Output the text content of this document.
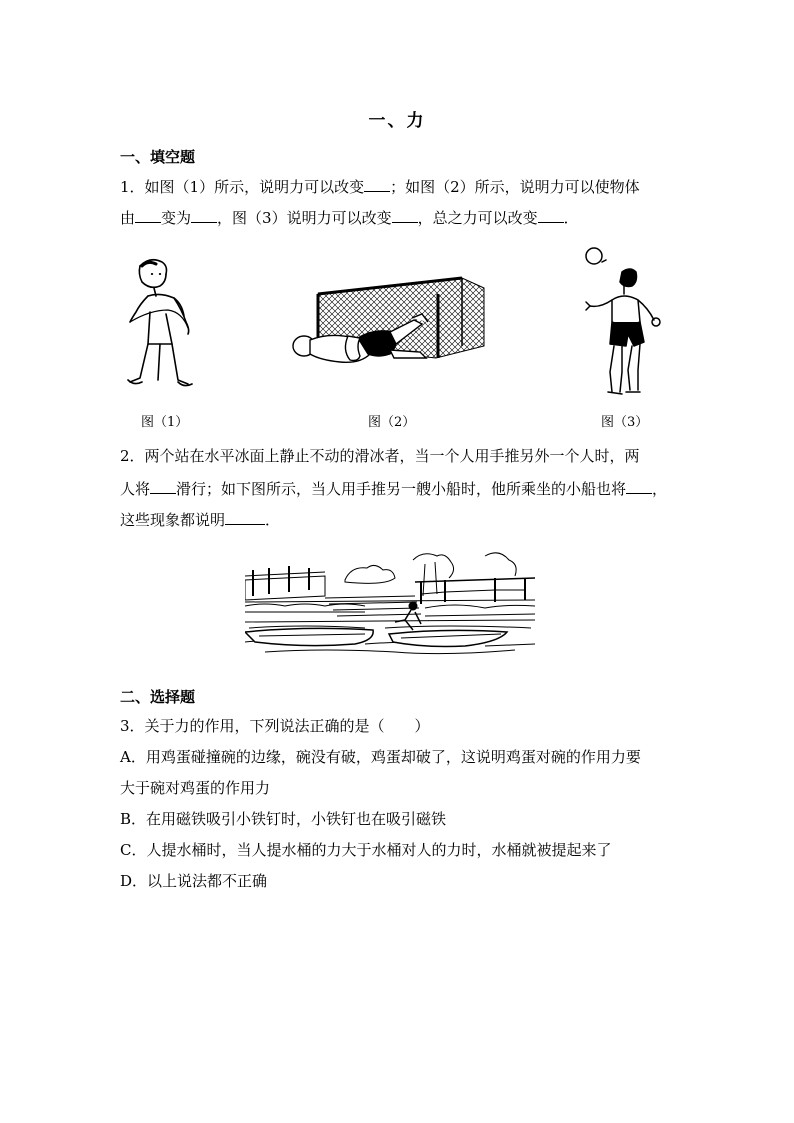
一、力
一、填空题
1．如图（1）所示，说明力可以改变 ；如图（2）所示，说明力可以使物体
由 变为 ，图（3）说明力可以改变 ，总之力可以改变 ．
图（1）	图（2）	图（3）
2．两个站在水平冰面上静止不动的滑冰者，当一个人用手推另外一个人时，两
人将 滑行；如下图所示，当人用手推另一艘小船时，他所乘坐的小船也将 ，
这些现象都说明	．
二、选择题
3．关于力的作用，下列说法正确的是（　　）
A．用鸡蛋碰撞碗的边缘，碗没有破，鸡蛋却破了，这说明鸡蛋对碗的作用力要
大于碗对鸡蛋的作用力
B．在用磁铁吸引小铁钉时，小铁钉也在吸引磁铁
C．人提水桶时，当人提水桶的力大于水桶对人的力时，水桶就被提起来了
D．以上说法都不正确
